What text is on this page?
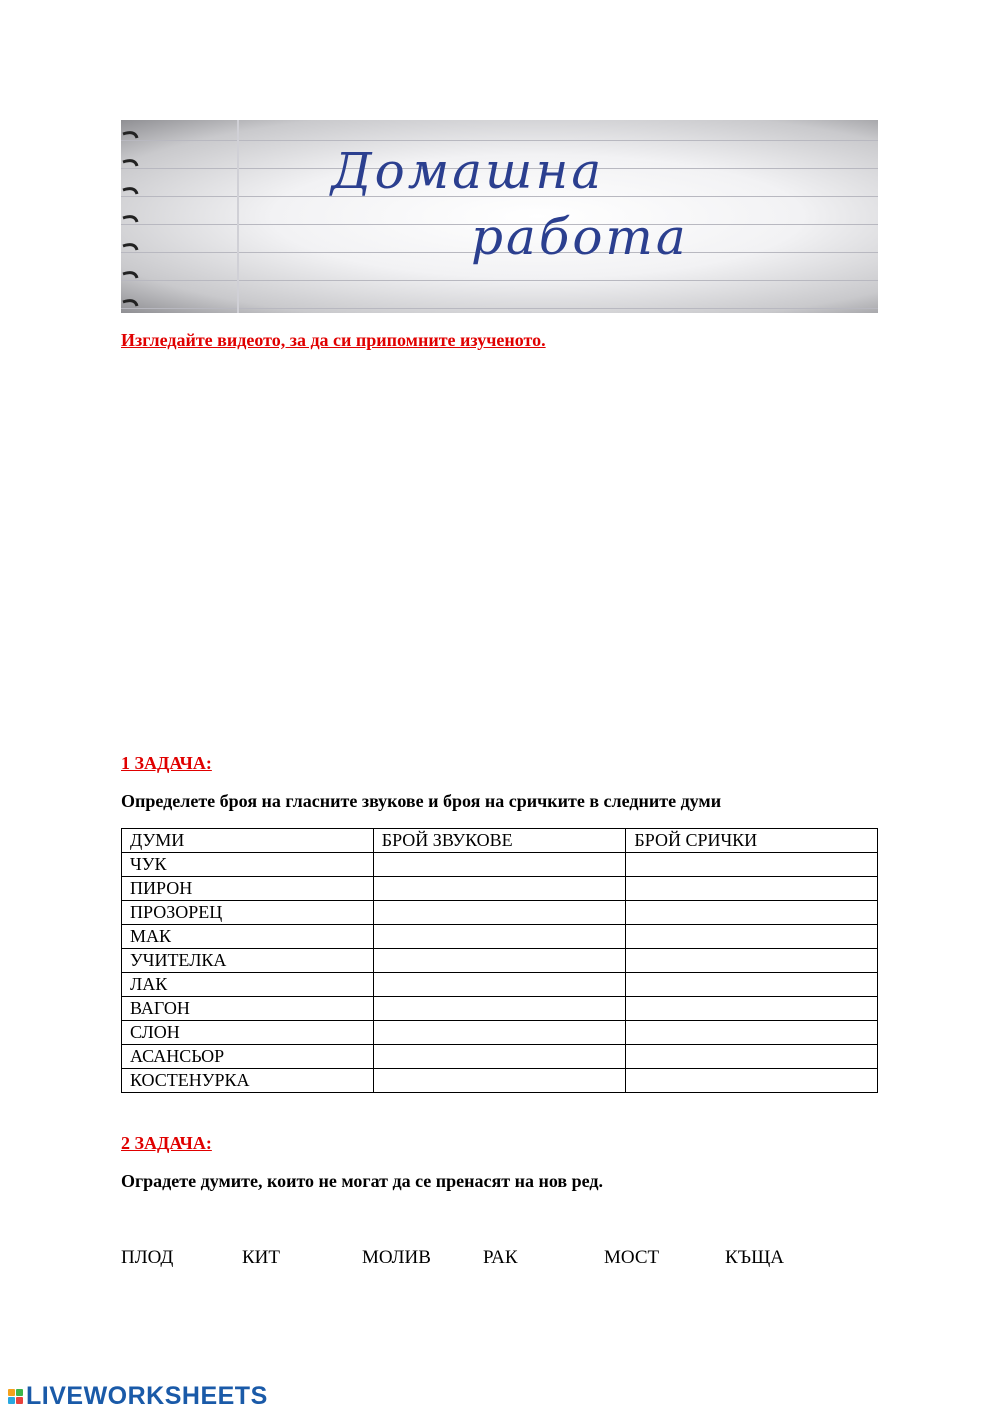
Домашна
работа
Изгледайте видеото, за да си припомните изученото.
1 ЗАДАЧА:
Определете броя на гласните звукове и броя на сричките в следните думи
ДУМИ	БРОЙ ЗВУКОВЕ	БРОЙ СРИЧКИ
ЧУК		
ПИРОН		
ПРОЗОРЕЦ		
МАК		
УЧИТЕЛКА		
ЛАК		
ВАГОН		
СЛОН		
АСАНСЬОР		
КОСТЕНУРКА		
2 ЗАДАЧА:
Оградете думите, които не могат да се пренасят на нов ред.
ПЛОД	КИТ	МОЛИВ	РАК	МОСТ	КЪЩА
LIVEWORKSHEETS
